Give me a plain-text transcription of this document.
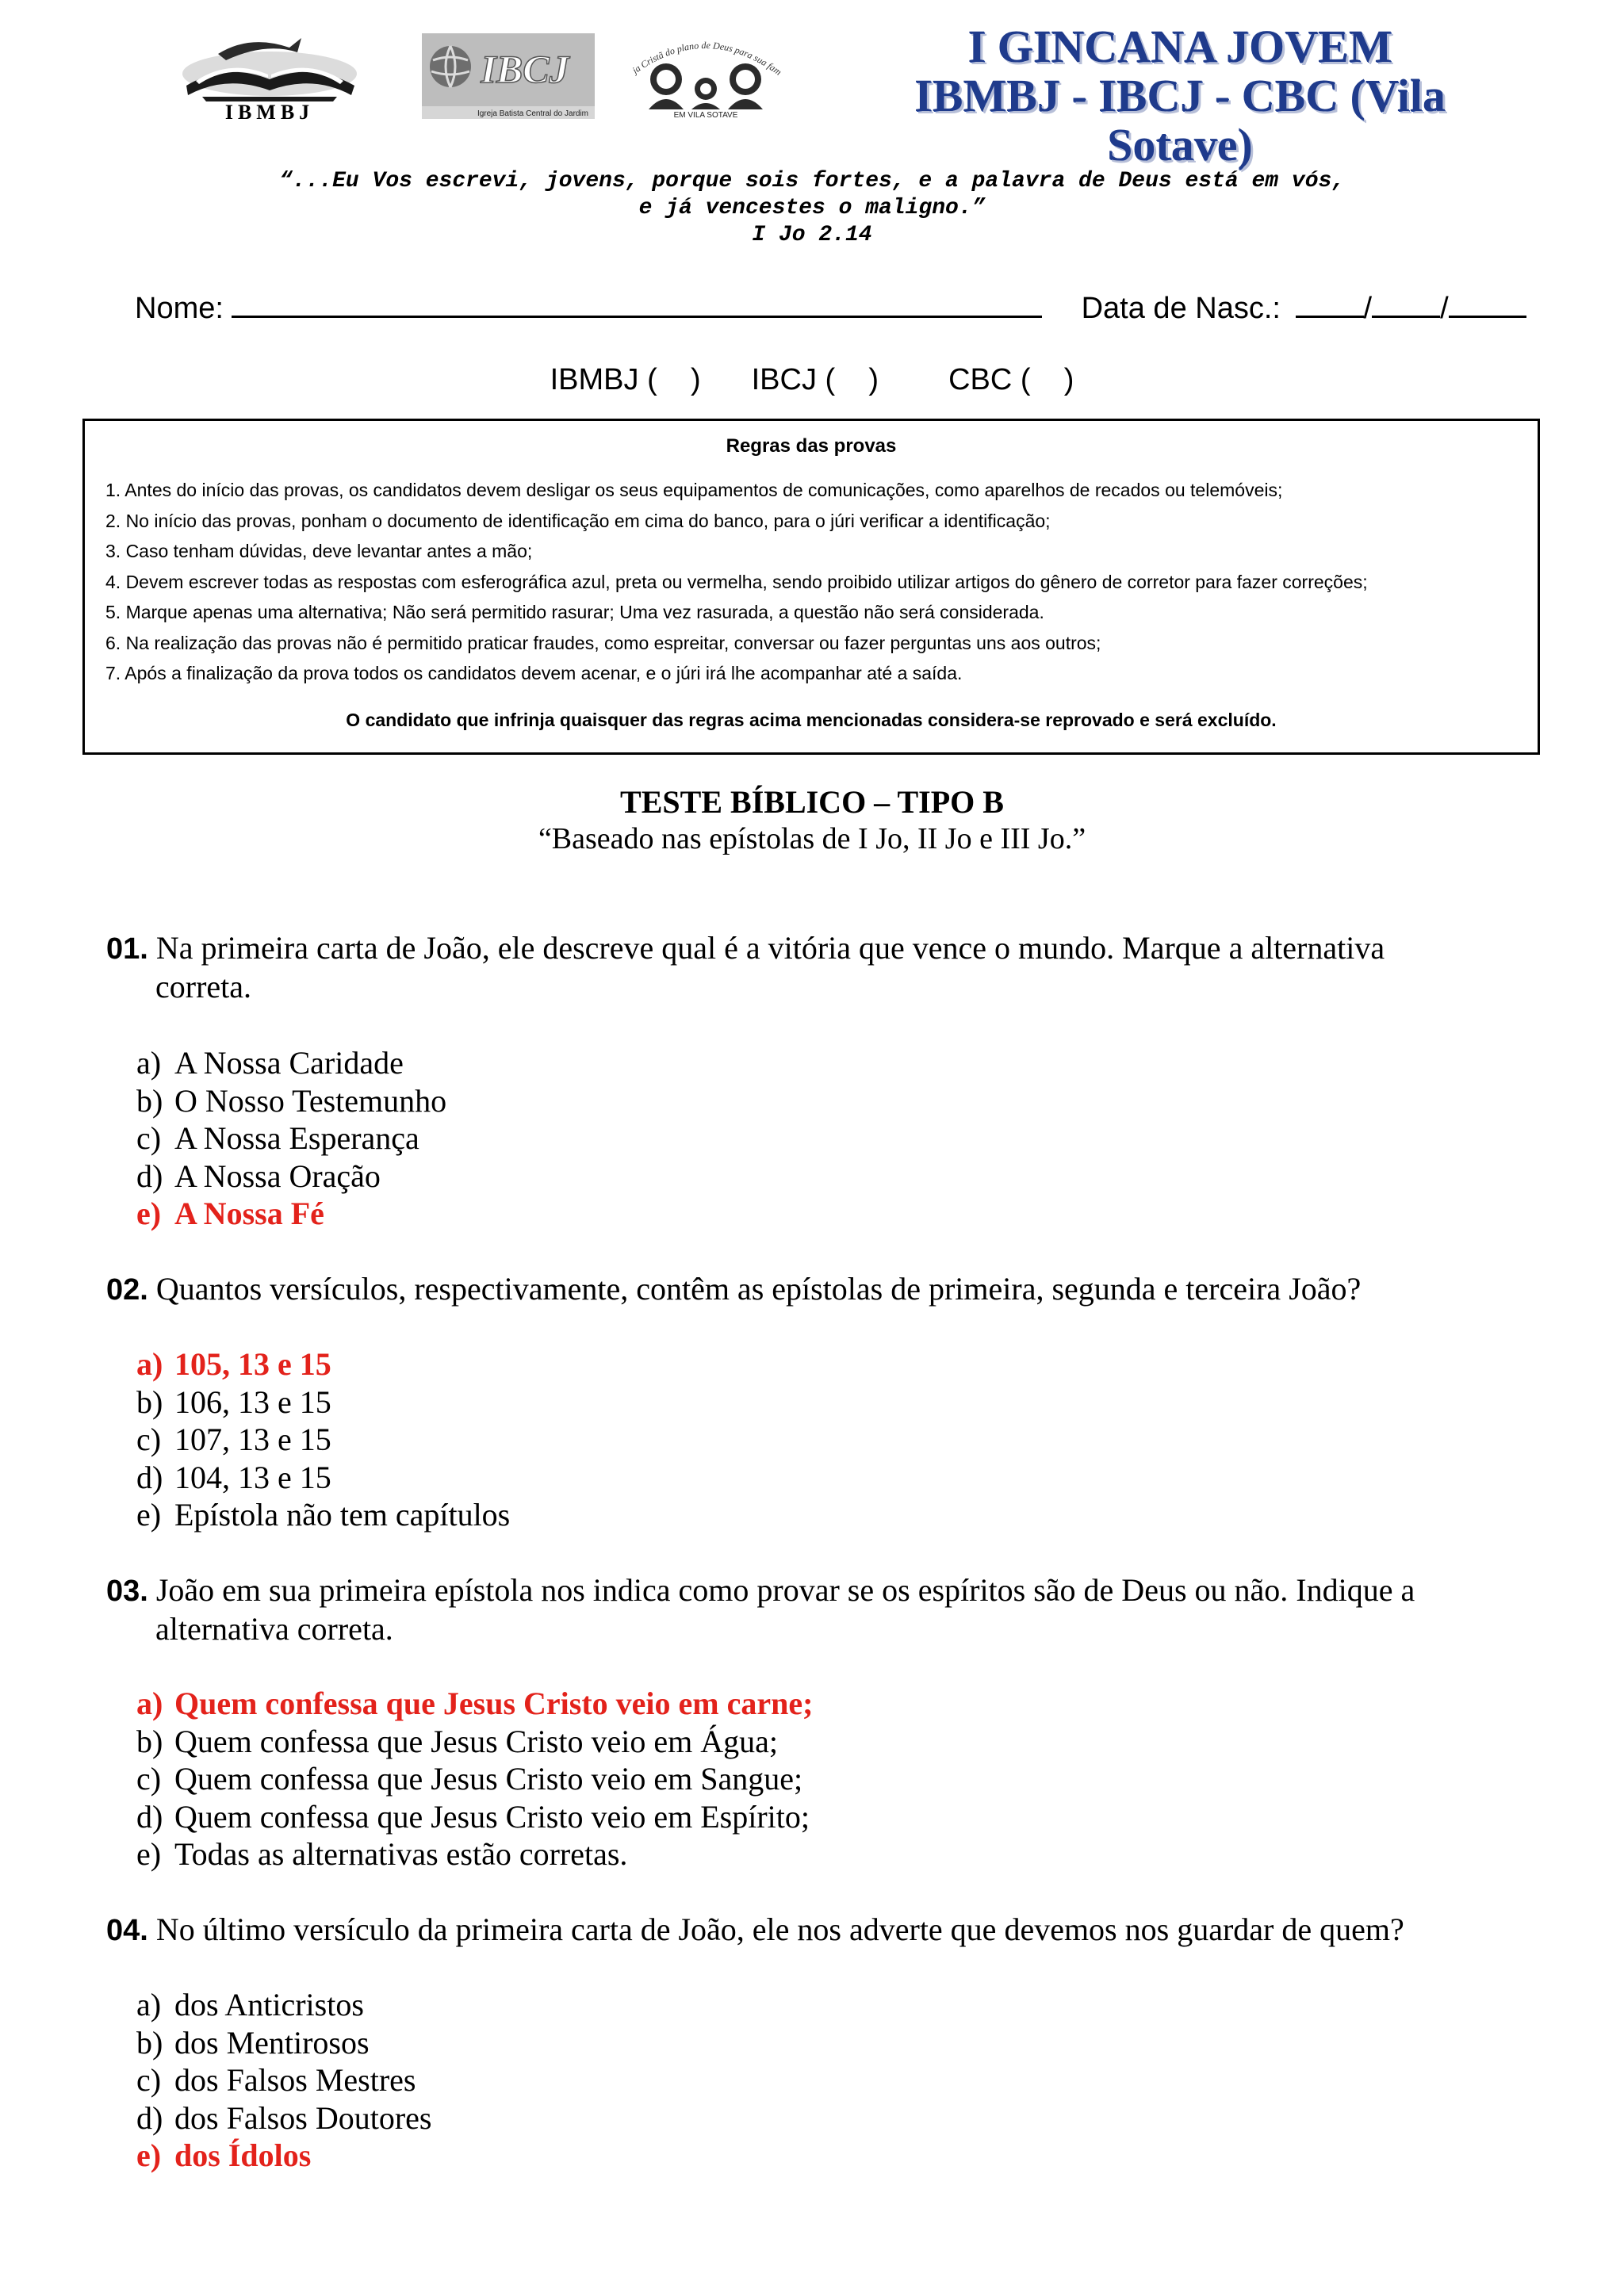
IBMBJ
IBCJ
Igreja Batista Central do Jardim
ja Cristã do plano de Deus para sua fam
EM VILA SOTAVE
I GINCANA JOVEM
IBMBJ - IBCJ - CBC (Vila Sotave)
“...Eu Vos escrevi, jovens, porque sois fortes, e a palavra de Deus está em vós,
e já vencestes o maligno.”
I Jo 2.14
Nome:	Data de Nasc.:	/ /
IBMBJ (    ) IBCJ (    ) CBC (    )
Regras das provas
1. Antes do início das provas, os candidatos devem desligar os seus equipamentos de comunicações, como aparelhos de recados ou telemóveis;
2. No início das provas, ponham o documento de identificação em cima do banco, para o júri verificar a identificação;
3. Caso tenham dúvidas, deve levantar antes a mão;
4. Devem escrever todas as respostas com esferográfica azul, preta ou vermelha, sendo proibido utilizar artigos do gênero de corretor para fazer correções;
5. Marque apenas uma alternativa; Não será permitido rasurar; Uma vez rasurada, a questão não será considerada.
6. Na realização das provas não é permitido praticar fraudes, como espreitar, conversar ou fazer perguntas uns aos outros;
7. Após a finalização da prova todos os candidatos devem acenar, e o júri irá lhe acompanhar até a saída.
O candidato que infrinja quaisquer das regras acima mencionadas considera-se reprovado e será excluído.
TESTE BÍBLICO – TIPO B
“Baseado nas epístolas de I Jo, II Jo e III Jo.”
01. Na primeira carta de João, ele descreve qual é a vitória que vence o mundo. Marque a alternativa
correta.
a) A Nossa Caridade
b) O Nosso Testemunho
c) A Nossa Esperança
d) A Nossa Oração
e) A Nossa Fé
02. Quantos versículos, respectivamente, contêm as epístolas de primeira, segunda e terceira João?
a) 105, 13 e 15
b) 106, 13 e 15
c) 107, 13 e 15
d) 104, 13 e 15
e) Epístola não tem capítulos
03. João em sua primeira epístola nos indica como provar se os espíritos são de Deus ou não. Indique a
alternativa correta.
a) Quem confessa que Jesus Cristo veio em carne;
b) Quem confessa que Jesus Cristo veio em Água;
c) Quem confessa que Jesus Cristo veio em Sangue;
d) Quem confessa que Jesus Cristo veio em Espírito;
e) Todas as alternativas estão corretas.
04. No último versículo da primeira carta de João, ele nos adverte que devemos nos guardar de quem?
a) dos Anticristos
b) dos Mentirosos
c) dos Falsos Mestres
d) dos Falsos Doutores
e) dos Ídolos
